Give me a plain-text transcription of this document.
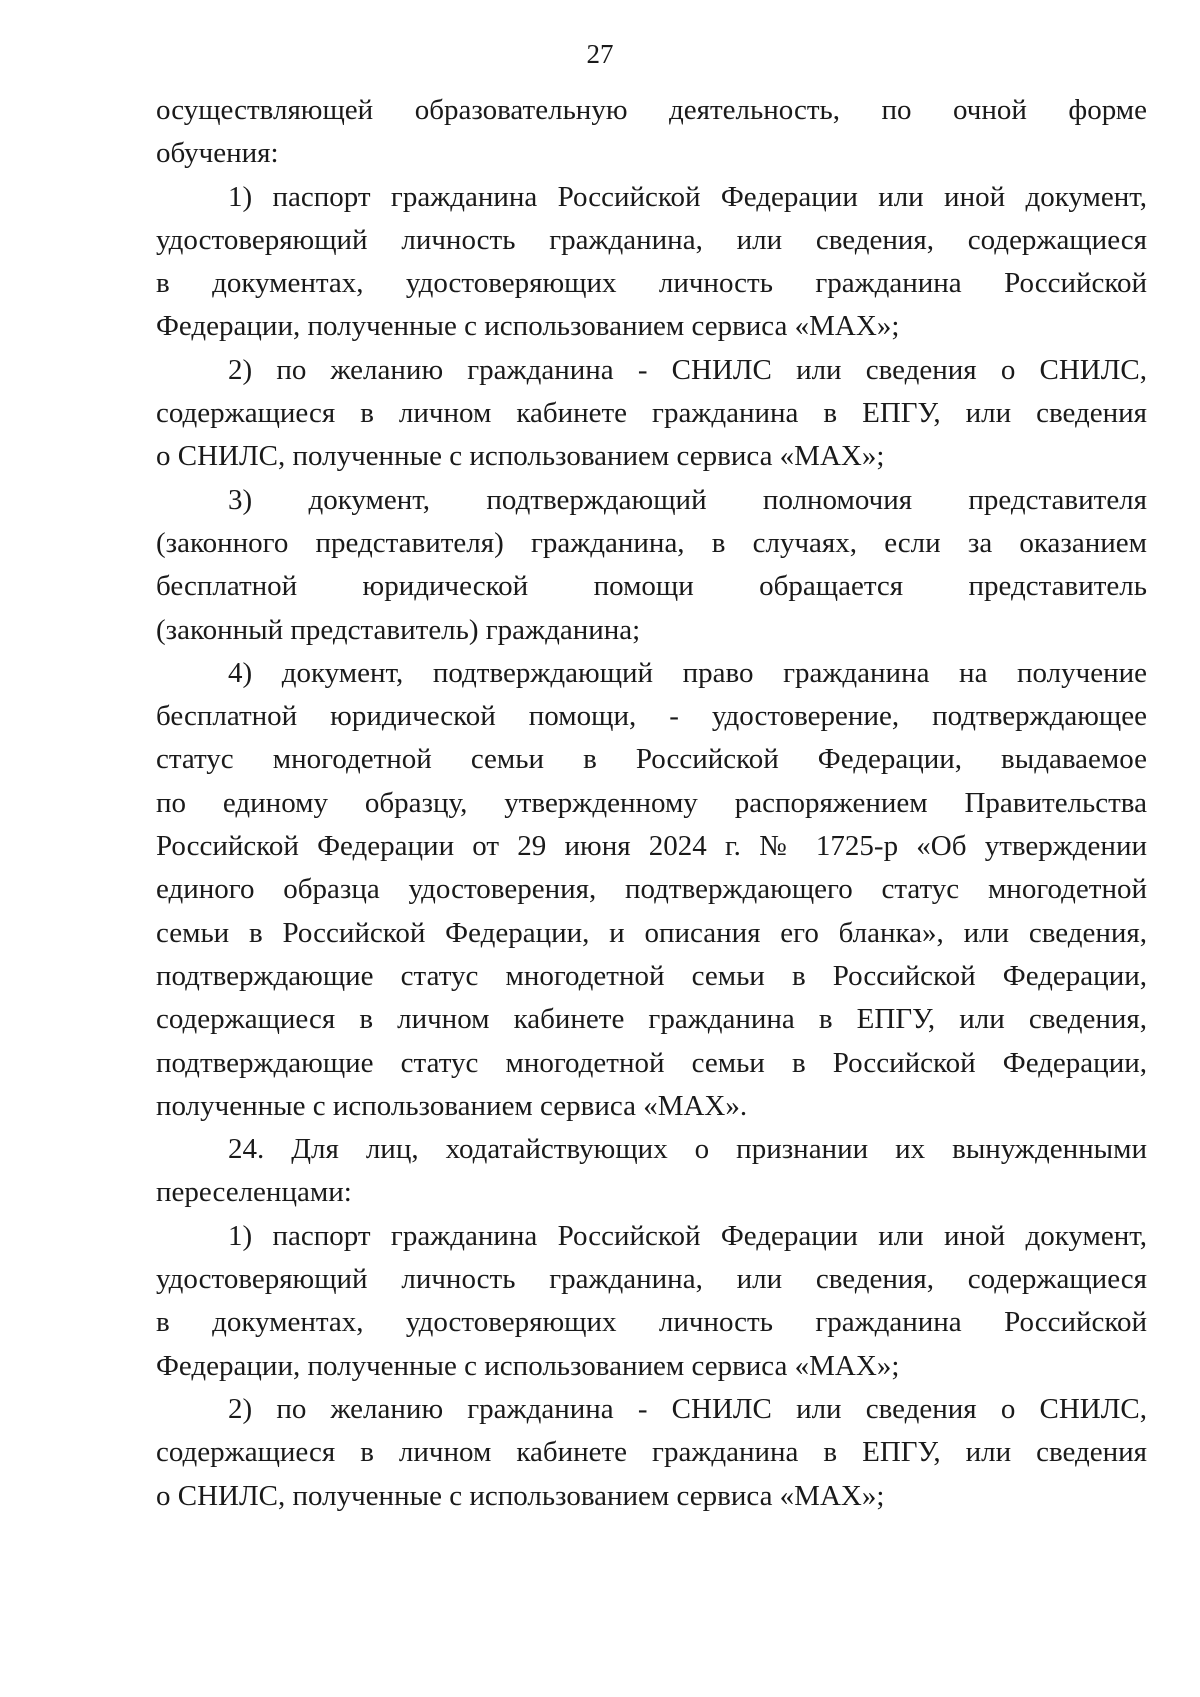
27
осуществляющей образовательную деятельность, по очной форме
обучения:
1) паспорт гражданина Российской Федерации или иной документ,
удостоверяющий личность гражданина, или сведения, содержащиеся
в документах, удостоверяющих личность гражданина Российской
Федерации, полученные с использованием сервиса «MAX»;
2) по желанию гражданина - СНИЛС или сведения о СНИЛС,
содержащиеся в личном кабинете гражданина в ЕПГУ, или сведения
о СНИЛС, полученные с использованием сервиса «MAX»;
3) документ, подтверждающий полномочия представителя
(законного представителя) гражданина, в случаях, если за оказанием
бесплатной юридической помощи обращается представитель
(законный представитель) гражданина;
4) документ, подтверждающий право гражданина на получение
бесплатной юридической помощи, - удостоверение, подтверждающее
статус многодетной семьи в Российской Федерации, выдаваемое
по единому образцу, утвержденному распоряжением Правительства
Российской Федерации от 29 июня 2024 г. № 1725-р «Об утверждении
единого образца удостоверения, подтверждающего статус многодетной
семьи в Российской Федерации, и описания его бланка», или сведения,
подтверждающие статус многодетной семьи в Российской Федерации,
содержащиеся в личном кабинете гражданина в ЕПГУ, или сведения,
подтверждающие статус многодетной семьи в Российской Федерации,
полученные с использованием сервиса «MAX».
24. Для лиц, ходатайствующих о признании их вынужденными
переселенцами:
1) паспорт гражданина Российской Федерации или иной документ,
удостоверяющий личность гражданина, или сведения, содержащиеся
в документах, удостоверяющих личность гражданина Российской
Федерации, полученные с использованием сервиса «MAX»;
2) по желанию гражданина - СНИЛС или сведения о СНИЛС,
содержащиеся в личном кабинете гражданина в ЕПГУ, или сведения
о СНИЛС, полученные с использованием сервиса «MAX»;
